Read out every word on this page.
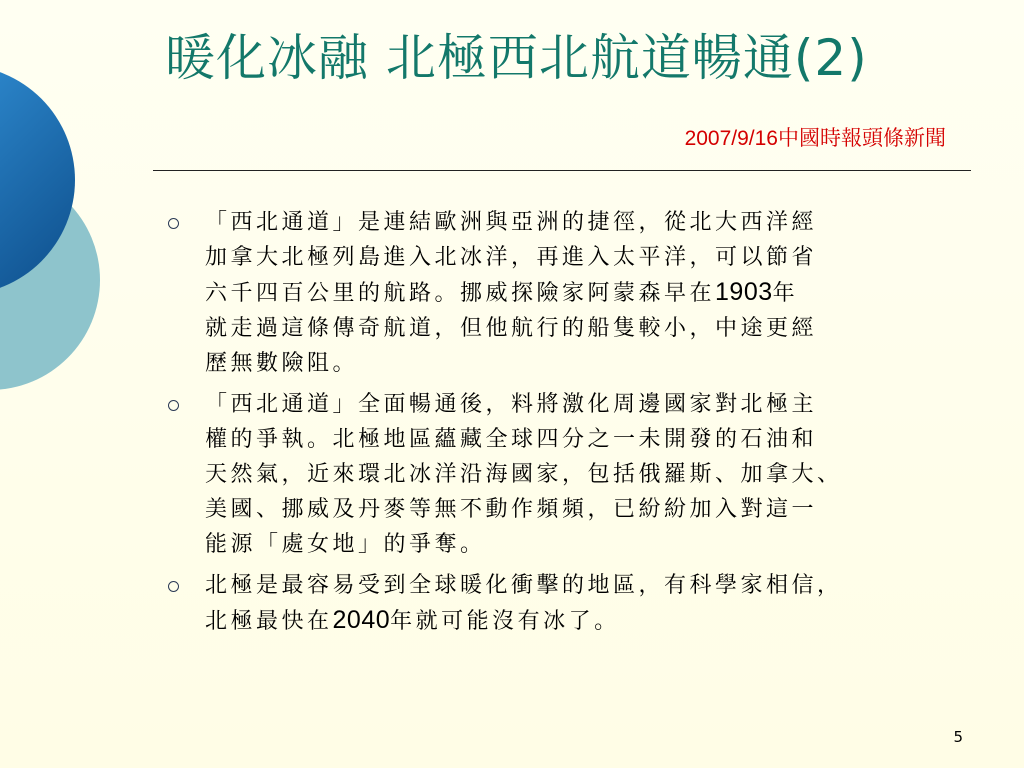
暖化冰融 北極西北航道暢通(2)
2007/9/16中國時報頭條新聞
「西北通道」是連結歐洲與亞洲的捷徑，從北大西洋經
加拿大北極列島進入北冰洋，再進入太平洋，可以節省
六千四百公里的航路。挪威探險家阿蒙森早在1903年
就走過這條傳奇航道，但他航行的船隻較小，中途更經
歷無數險阻。
「西北通道」全面暢通後，料將激化周邊國家對北極主
權的爭執。北極地區蘊藏全球四分之一未開發的石油和
天然氣，近來環北冰洋沿海國家，包括俄羅斯、加拿大、
美國、挪威及丹麥等無不動作頻頻，已紛紛加入對這一
能源「處女地」的爭奪。
北極是最容易受到全球暖化衝擊的地區，有科學家相信，
北極最快在2040年就可能沒有冰了。
5
